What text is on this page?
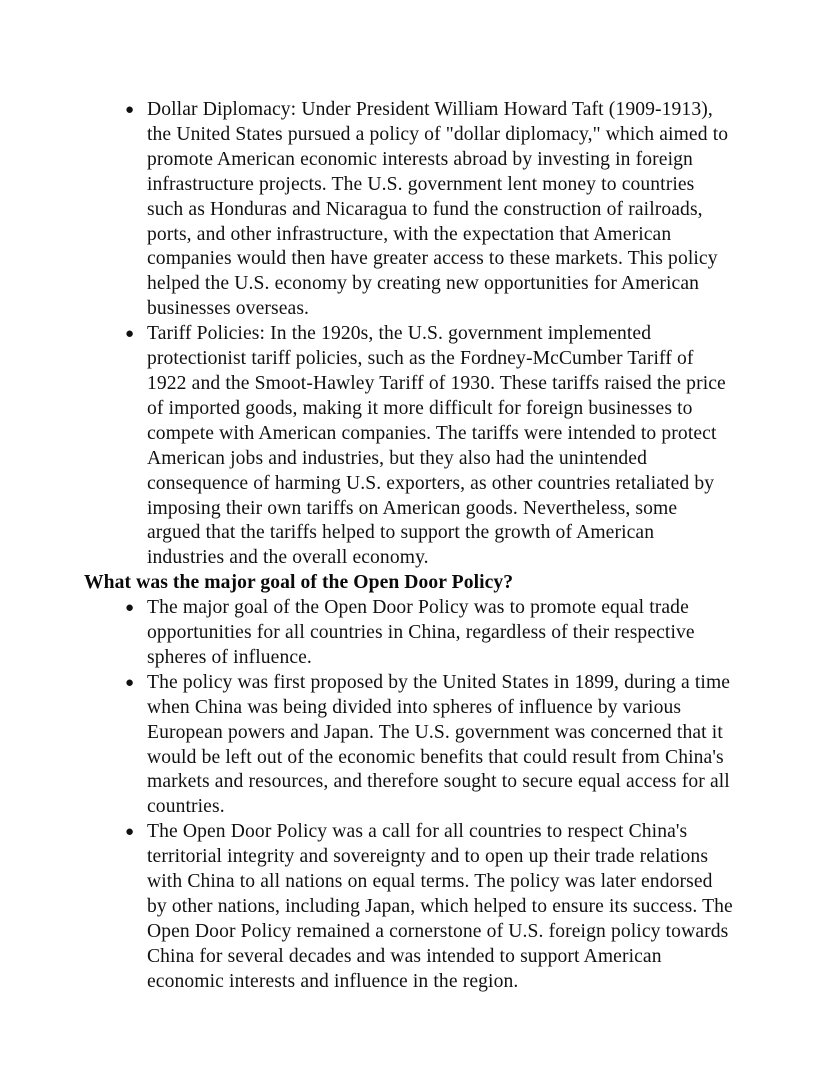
● Dollar Diplomacy: Under President William Howard Taft (1909-1913), the United States pursued a policy of "dollar diplomacy," which aimed to promote American economic interests abroad by investing in foreign infrastructure projects. The U.S. government lent money to countries such as Honduras and Nicaragua to fund the construction of railroads, ports, and other infrastructure, with the expectation that American companies would then have greater access to these markets. This policy helped the U.S. economy by creating new opportunities for American businesses overseas.
● Tariff Policies: In the 1920s, the U.S. government implemented protectionist tariff policies, such as the Fordney-McCumber Tariff of 1922 and the Smoot-Hawley Tariff of 1930. These tariffs raised the price of imported goods, making it more difficult for foreign businesses to compete with American companies. The tariffs were intended to protect American jobs and industries, but they also had the unintended consequence of harming U.S. exporters, as other countries retaliated by imposing their own tariffs on American goods. Nevertheless, some argued that the tariffs helped to support the growth of American industries and the overall economy.
What was the major goal of the Open Door Policy?
● The major goal of the Open Door Policy was to promote equal trade opportunities for all countries in China, regardless of their respective spheres of influence.
● The policy was first proposed by the United States in 1899, during a time when China was being divided into spheres of influence by various European powers and Japan. The U.S. government was concerned that it would be left out of the economic benefits that could result from China's markets and resources, and therefore sought to secure equal access for all countries.
● The Open Door Policy was a call for all countries to respect China's territorial integrity and sovereignty and to open up their trade relations with China to all nations on equal terms. The policy was later endorsed by other nations, including Japan, which helped to ensure its success. The Open Door Policy remained a cornerstone of U.S. foreign policy towards China for several decades and was intended to support American economic interests and influence in the region.
